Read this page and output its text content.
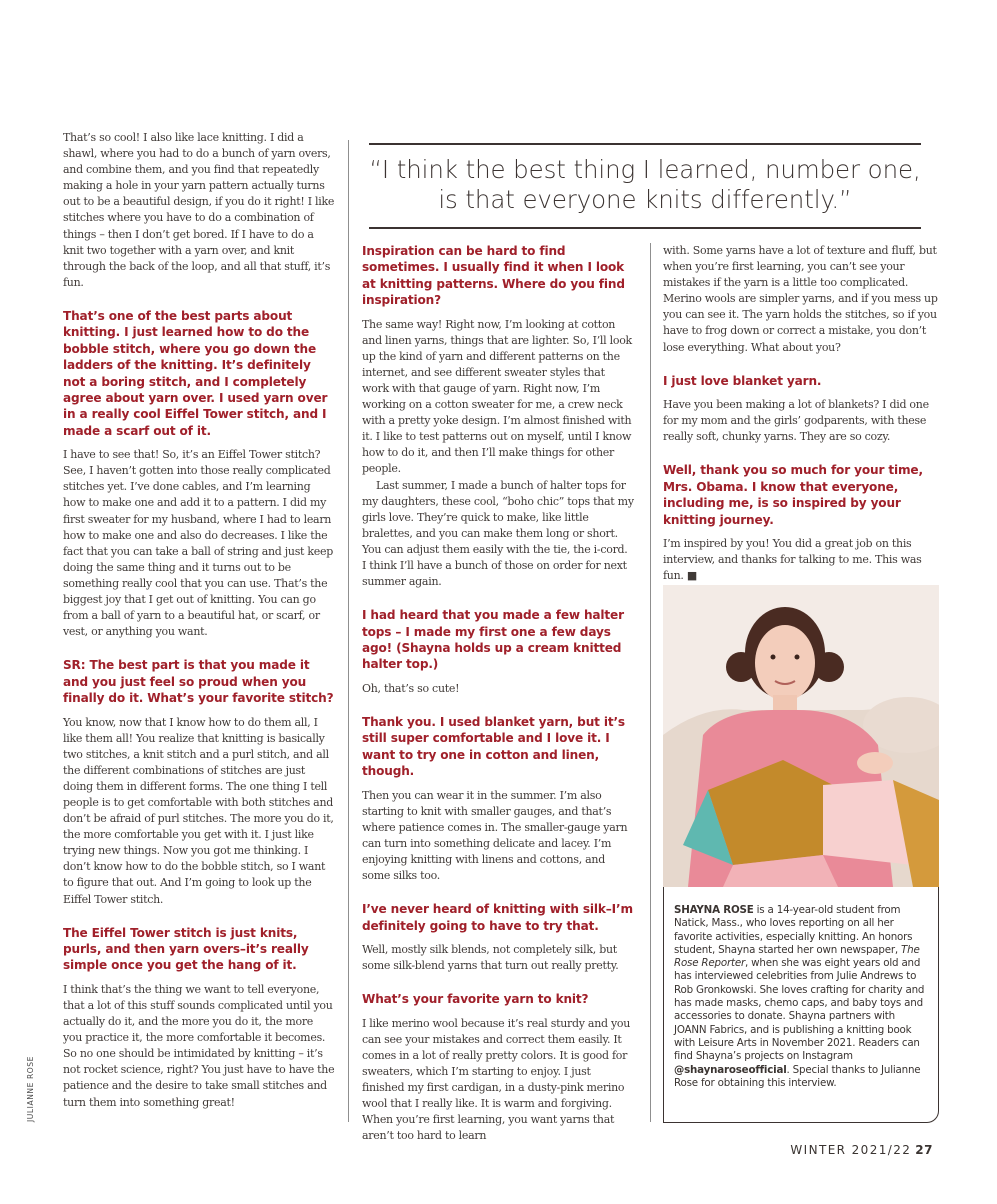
That’s so cool! I also like lace knitting. I did a shawl, where you had to do a bunch of yarn overs, and combine them, and you find that repeatedly making a hole in your yarn pattern actually turns out to be a beautiful design, if you do it right! I like stitches where you have to do a combination of things – then I don’t get bored. If I have to do a knit two together with a yarn over, and knit through the back of the loop, and all that stuff, it’s fun.

That’s one of the best parts about knitting. I just learned how to do the bobble stitch, where you go down the ladders of the knitting. It’s definitely not a boring stitch, and I completely agree about yarn over. I used yarn over in a really cool Eiffel Tower stitch, and I made a scarf out of it.

I have to see that! So, it’s an Eiffel Tower stitch? See, I haven’t gotten into those really complicated stitches yet. I’ve done cables, and I’m learning how to make one and add it to a pattern. I did my first sweater for my husband, where I had to learn how to make one and also do decreases. I like the fact that you can take a ball of string and just keep doing the same thing and it turns out to be something really cool that you can use. That’s the biggest joy that I get out of knitting. You can go from a ball of yarn to a beautiful hat, or scarf, or vest, or anything you want.

SR: The best part is that you made it and you just feel so proud when you finally do it. What’s your favorite stitch?

You know, now that I know how to do them all, I like them all! You realize that knitting is basically two stitches, a knit stitch and a purl stitch, and all the different combinations of stitches are just doing them in different forms. The one thing I tell people is to get comfortable with both stitches and don’t be afraid of purl stitches. The more you do it, the more comfortable you get with it. I just like trying new things. Now you got me thinking. I don’t know how to do the bobble stitch, so I want to figure that out. And I’m going to look up the Eiffel Tower stitch.

The Eiffel Tower stitch is just knits, purls, and then yarn overs–it’s really simple once you get the hang of it.

I think that’s the thing we want to tell everyone, that a lot of this stuff sounds complicated until you actually do it, and the more you do it, the more you practice it, the more comfortable it becomes. So no one should be intimidated by knitting – it’s not rocket science, right? You just have to have the patience and the desire to take small stitches and turn them into something great!

“I think the best thing I learned, number one, is that everyone knits differently.”

Inspiration can be hard to find sometimes. I usually find it when I look at knitting patterns. Where do you find inspiration?

The same way! Right now, I’m looking at cotton and linen yarns, things that are lighter. So, I’ll look up the kind of yarn and different patterns on the internet, and see different sweater styles that work with that gauge of yarn. Right now, I’m working on a cotton sweater for me, a crew neck with a pretty yoke design. I’m almost finished with it. I like to test patterns out on myself, until I know how to do it, and then I’ll make things for other people.
Last summer, I made a bunch of halter tops for my daughters, these cool, “boho chic” tops that my girls love. They’re quick to make, like little bralettes, and you can make them long or short. You can adjust them easily with the tie, the i-cord. I think I’ll have a bunch of those on order for next summer again.

I had heard that you made a few halter tops – I made my first one a few days ago! (Shayna holds up a cream knitted halter top.)

Oh, that’s so cute!

Thank you. I used blanket yarn, but it’s still super comfortable and I love it. I want to try one in cotton and linen, though.

Then you can wear it in the summer. I’m also starting to knit with smaller gauges, and that’s where patience comes in. The smaller-gauge yarn can turn into something delicate and lacey. I’m enjoying knitting with linens and cottons, and some silks too.

I’ve never heard of knitting with silk–I’m definitely going to have to try that.

Well, mostly silk blends, not completely silk, but some silk-blend yarns that turn out really pretty.

What’s your favorite yarn to knit?

I like merino wool because it’s real sturdy and you can see your mistakes and correct them easily. It comes in a lot of really pretty colors. It is good for sweaters, which I’m starting to enjoy. I just finished my first cardigan, in a dusty-pink merino wool that I really like. It is warm and forgiving. When you’re first learning, you want yarns that aren’t too hard to learn

with. Some yarns have a lot of texture and fluff, but when you’re first learning, you can’t see your mistakes if the yarn is a little too complicated. Merino wools are simpler yarns, and if you mess up you can see it. The yarn holds the stitches, so if you have to frog down or correct a mistake, you don’t lose everything. What about you?

I just love blanket yarn.

Have you been making a lot of blankets? I did one for my mom and the girls’ godparents, with these really soft, chunky yarns. They are so cozy.

Well, thank you so much for your time, Mrs. Obama. I know that everyone, including me, is so inspired by your knitting journey.

I’m inspired by you! You did a great job on this interview, and thanks for talking to me. This was fun. ■

SHAYNA ROSE is a 14-year-old student from Natick, Mass., who loves reporting on all her favorite activities, especially knitting. An honors student, Shayna started her own newspaper, The Rose Reporter, when she was eight years old and has interviewed celebrities from Julie Andrews to Rob Gronkowski. She loves crafting for charity and has made masks, chemo caps, and baby toys and accessories to donate. Shayna partners with JOANN Fabrics, and is publishing a knitting book with Leisure Arts in November 2021. Readers can find Shayna’s projects on Instagram @shaynaroseofficial. Special thanks to Julianne Rose for obtaining this interview.
JULIANNE ROSE
WINTER 2021/22 27
